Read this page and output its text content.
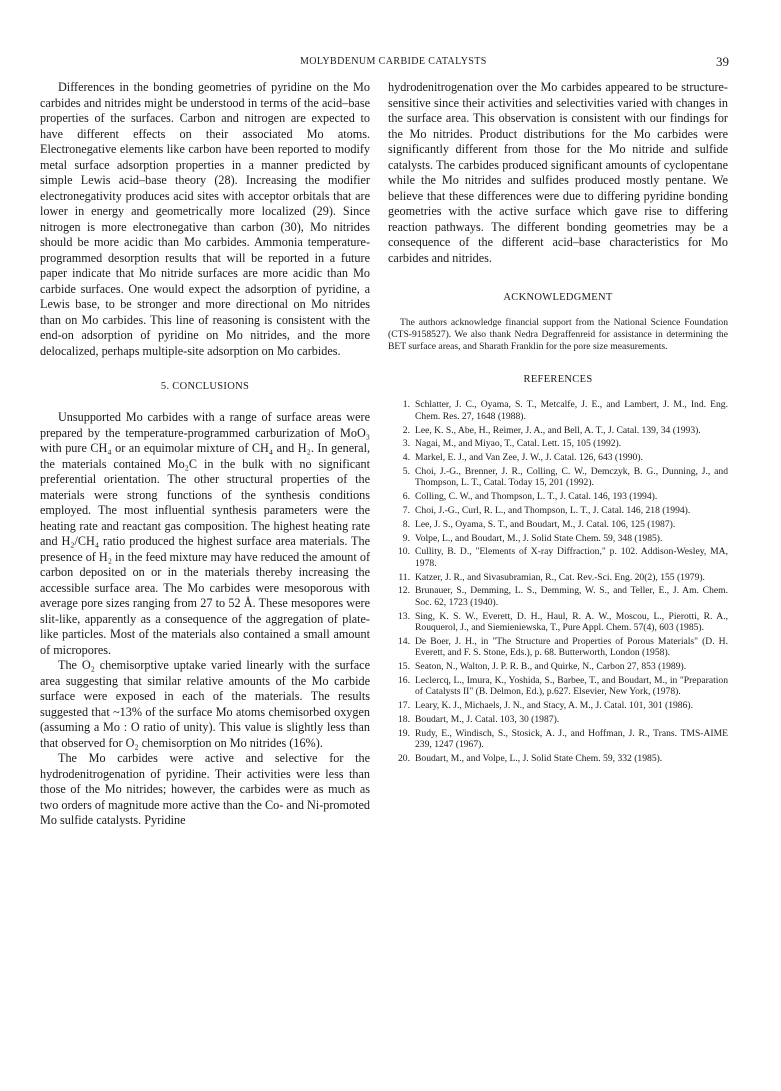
MOLYBDENUM CARBIDE CATALYSTS	39

Differences in the bonding geometries of pyridine on the Mo carbides and nitrides might be understood in terms of the acid–base properties of the surfaces. Carbon and nitrogen are expected to have different effects on their associated Mo atoms. Electronegative elements like carbon have been reported to modify metal surface adsorption properties in a manner predicted by simple Lewis acid–base theory (28). Increasing the modifier electronegativity produces acid sites with acceptor orbitals that are lower in energy and geometrically more localized (29). Since nitrogen is more electronegative than carbon (30), Mo nitrides should be more acidic than Mo carbides. Ammonia temperature-programmed desorption results that will be reported in a future paper indicate that Mo nitride surfaces are more acidic than Mo carbide surfaces. One would expect the adsorption of pyridine, a Lewis base, to be stronger and more directional on Mo nitrides than on Mo carbides. This line of reasoning is consistent with the end-on adsorption of pyridine on Mo nitrides, and the more delocalized, perhaps multiple-site adsorption on Mo carbides.

5. CONCLUSIONS

Unsupported Mo carbides with a range of surface areas were prepared by the temperature-programmed carburization of MoO₃ with pure CH₄ or an equimolar mixture of CH₄ and H₂. In general, the materials contained Mo₂C in the bulk with no significant preferential orientation. The other structural properties of the materials were strong functions of the synthesis conditions employed. The most influential synthesis parameters were the heating rate and reactant gas composition. The highest heating rate and H₂/CH₄ ratio produced the highest surface area materials. The presence of H₂ in the feed mixture may have reduced the amount of carbon deposited on or in the materials thereby increasing the accessible surface area. The Mo carbides were mesoporous with average pore sizes ranging from 27 to 52 Å. These mesopores were slit-like, apparently as a consequence of the aggregation of plate-like particles. Most of the materials also contained a small amount of micropores.

The O₂ chemisorptive uptake varied linearly with the surface area suggesting that similar relative amounts of the Mo carbide surface were exposed in each of the materials. The results suggested that ~13% of the surface Mo atoms chemisorbed oxygen (assuming a Mo : O ratio of unity). This value is slightly less than that observed for O₂ chemisorption on Mo nitrides (16%).

The Mo carbides were active and selective for the hydrodenitrogenation of pyridine. Their activities were less than those of the Mo nitrides; however, the carbides were as much as two orders of magnitude more active than the Co- and Ni-promoted Mo sulfide catalysts. Pyridine

hydrodenitrogenation over the Mo carbides appeared to be structure-sensitive since their activities and selectivities varied with changes in the surface area. This observation is consistent with our findings for the Mo nitrides. Product distributions for the Mo carbides were significantly different from those for the Mo nitride and sulfide catalysts. The carbides produced significant amounts of cyclopentane while the Mo nitrides and sulfides produced mostly pentane. We believe that these differences were due to differing pyridine bonding geometries with the active surface which gave rise to differing reaction pathways. The different bonding geometries may be a consequence of the different acid–base characteristics for Mo carbides and nitrides.

ACKNOWLEDGMENT

The authors acknowledge financial support from the National Science Foundation (CTS-9158527). We also thank Nedra Degraffenreid for assistance in determining the BET surface areas, and Sharath Franklin for the pore size measurements.

REFERENCES
1. Schlatter, J. C., Oyama, S. T., Metcalfe, J. E., and Lambert, J. M., Ind. Eng. Chem. Res. 27, 1648 (1988).
2. Lee, K. S., Abe, H., Reimer, J. A., and Bell, A. T., J. Catal. 139, 34 (1993).
3. Nagai, M., and Miyao, T., Catal. Lett. 15, 105 (1992).
4. Markel, E. J., and Van Zee, J. W., J. Catal. 126, 643 (1990).
5. Choi, J.-G., Brenner, J. R., Colling, C. W., Demczyk, B. G., Dunning, J., and Thompson, L. T., Catal. Today 15, 201 (1992).
6. Colling, C. W., and Thompson, L. T., J. Catal. 146, 193 (1994).
7. Choi, J.-G., Curl, R. L., and Thompson, L. T., J. Catal. 146, 218 (1994).
8. Lee, J. S., Oyama, S. T., and Boudart, M., J. Catal. 106, 125 (1987).
9. Volpe, L., and Boudart, M., J. Solid State Chem. 59, 348 (1985).
10. Cullity, B. D., "Elements of X-ray Diffraction," p. 102. Addison-Wesley, MA, 1978.
11. Katzer, J. R., and Sivasubramian, R., Cat. Rev.-Sci. Eng. 20(2), 155 (1979).
12. Brunauer, S., Demming, L. S., Demming, W. S., and Teller, E., J. Am. Chem. Soc. 62, 1723 (1940).
13. Sing, K. S. W., Everett, D. H., Haul, R. A. W., Moscou, L., Pierotti, R. A., Rouquerol, J., and Siemieniewska, T., Pure Appl. Chem. 57(4), 603 (1985).
14. De Boer, J. H., in "The Structure and Properties of Porous Materials" (D. H. Everett, and F. S. Stone, Eds.), p. 68. Butterworth, London (1958).
15. Seaton, N., Walton, J. P. R. B., and Quirke, N., Carbon 27, 853 (1989).
16. Leclercq, L., Imura, K., Yoshida, S., Barbee, T., and Boudart, M., in "Preparation of Catalysts II" (B. Delmon, Ed.), p.627. Elsevier, New York, (1978).
17. Leary, K. J., Michaels, J. N., and Stacy, A. M., J. Catal. 101, 301 (1986).
18. Boudart, M., J. Catal. 103, 30 (1987).
19. Rudy, E., Windisch, S., Stosick, A. J., and Hoffman, J. R., Trans. TMS-AIME 239, 1247 (1967).
20. Boudart, M., and Volpe, L., J. Solid State Chem. 59, 332 (1985).
